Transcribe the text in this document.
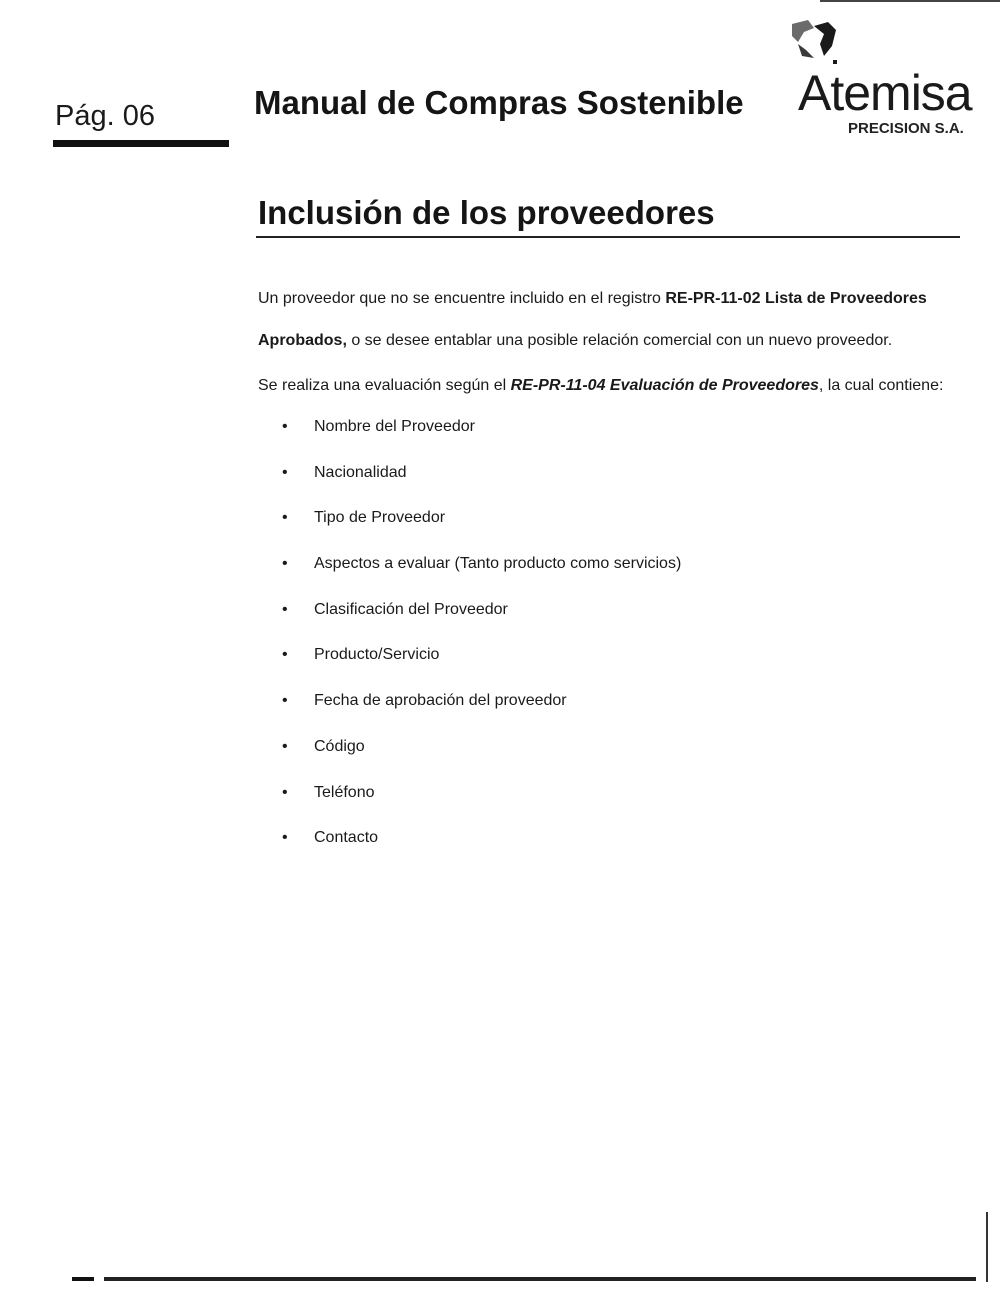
Pág. 06	Manual de Compras Sostenible Atemisa
PRECISION S.A.
Inclusión de los proveedores
Un proveedor que no se encuentre incluido en el registro RE-PR-11-02 Lista de Proveedores
Aprobados, o se desee entablar una posible relación comercial con un nuevo proveedor.
Se realiza una evaluación según el RE-PR-11-04 Evaluación de Proveedores, la cual contiene:
•	Nombre del Proveedor
•	Nacionalidad
•	Tipo de Proveedor
•	Aspectos a evaluar (Tanto producto como servicios)
•	Clasificación del Proveedor
•	Producto/Servicio
•	Fecha de aprobación del proveedor
•	Código
•	Teléfono
•	Contacto
